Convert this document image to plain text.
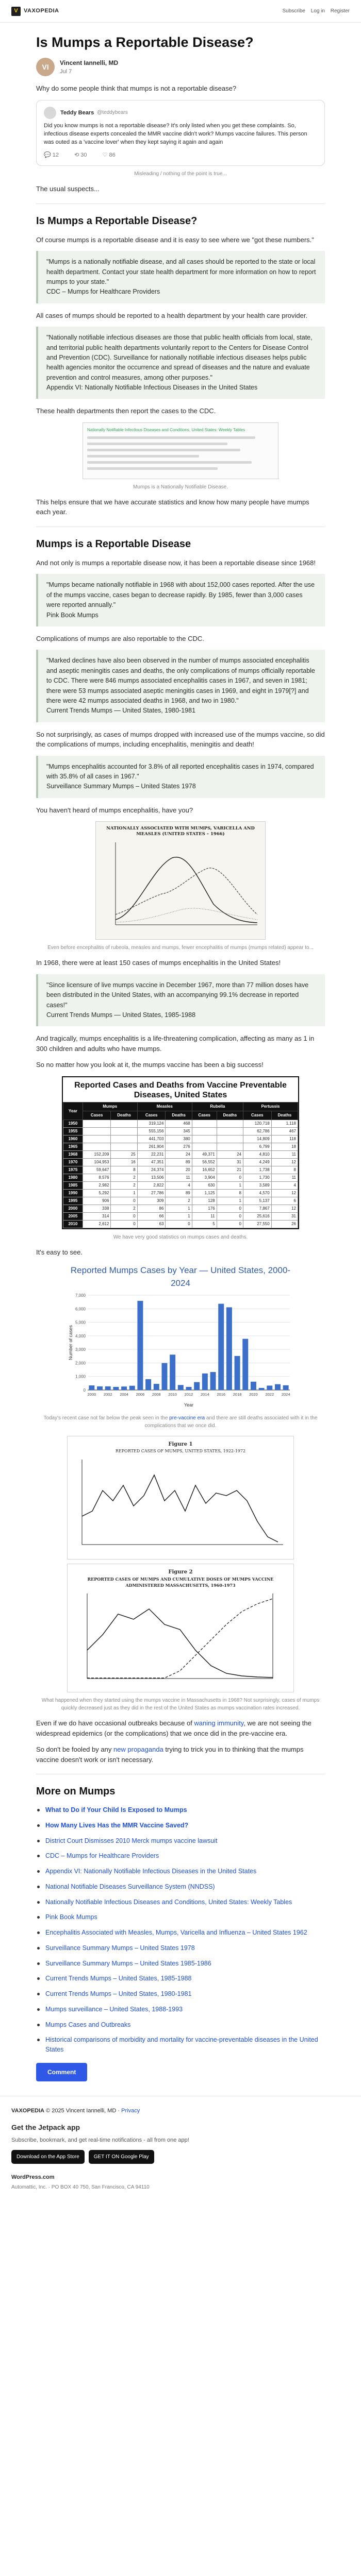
V	VAXOPEDIA	Subscribe Log in Register
Is Mumps a Reportable Disease?
VI	Vincent Iannelli, MD
Jul 7

Why do some people think that mumps is not a reportable disease?

Teddy Bears @teddybears
Did you know mumps is not a reportable disease? It's only listed when you get these complaints. So, infectious disease experts concealed the MMR vaccine didn't work? Mumps vaccine failures. This person was outed as a 'vaccine lover' when they kept saying it again and again
💬 12	⟲ 30	♡ 86
Misleading / nothing of the point is true...

The usual suspects...

Is Mumps a Reportable Disease?

Of course mumps is a reportable disease and it is easy to see where we "got these numbers."

"Mumps is a nationally notifiable disease, and all cases should be reported to the state or local health department. Contact your state health department for more information on how to report mumps to your state."
CDC – Mumps for Healthcare Providers

All cases of mumps should be reported to a health department by your health care provider.

"Nationally notifiable infectious diseases are those that public health officials from local, state, and territorial public health departments voluntarily report to the Centers for Disease Control and Prevention (CDC). Surveillance for nationally notifiable infectious diseases helps public health agencies monitor the occurrence and spread of diseases and the nature and evaluate prevention and control measures, among other purposes."
Appendix VI: Nationally Notifiable Infectious Diseases in the United States

These health departments then report the cases to the CDC.

Nationally Notifiable Infectious Diseases and Conditions, United States: Weekly Tables
Mumps is a Nationally Notifiable Disease.

This helps ensure that we have accurate statistics and know how many people have mumps each year.

Mumps is a Reportable Disease

And not only is mumps a reportable disease now, it has been a reportable disease since 1968!

"Mumps became nationally notifiable in 1968 with about 152,000 cases reported. After the use of the mumps vaccine, cases began to decrease rapidly. By 1985, fewer than 3,000 cases were reported annually."
Pink Book Mumps

Complications of mumps are also reportable to the CDC.

"Marked declines have also been observed in the number of mumps associated encephalitis and aseptic meningitis cases and deaths, the only complications of mumps officially reportable to CDC. There were 846 mumps associated encephalitis cases in 1967, and seven in 1981; there were 53 mumps associated aseptic meningitis cases in 1969, and eight in 1979[?] and there were 42 mumps associated deaths in 1968, and two in 1980."
Current Trends Mumps — United States, 1980-1981

So not surprisingly, as cases of mumps dropped with increased use of the mumps vaccine, so did the complications of mumps, including encephalitis, meningitis and death!

"Mumps encephalitis accounted for 3.8% of all reported encephalitis cases in 1974, compared with 35.8% of all cases in 1967."
Surveillance Summary Mumps – United States 1978

You haven't heard of mumps encephalitis, have you?

NATIONALLY ASSOCIATED WITH MUMPS, VARICELLA AND MEASLES (UNITED STATES – 1966)
Even before encephalitis of rubeola, measles and mumps, fewer encephalitis of mumps (mumps related) appear to...

In 1968, there were at least 150 cases of mumps encephalitis in the United States!

"Since licensure of live mumps vaccine in December 1967, more than 77 million doses have been distributed in the United States, with an accompanying 99.1% decrease in reported cases!"
Current Trends Mumps — United States, 1985-1988

And tragically, mumps encephalitis is a life-threatening complication, affecting as many as 1 in 300 children and adults who have mumps.

So no matter how you look at it, the mumps vaccine has been a big success!

Reported Cases and Deaths from Vaccine Preventable Diseases, United States
Year	Mumps		Measles		Rubella		Pertussis	
	Cases	Deaths	Cases	Deaths	Cases	Deaths	Cases	Deaths
1950			319,124	468			120,718	1,118
1955			555,156	345			62,786	467
1960			441,703	380			14,809	118
1965			261,904	276			6,799	18
1968	152,209	25	22,231	24	49,371	24	4,810	11
1970	104,953	16	47,351	89	56,552	31	4,249	12
1975	59,647	8	24,374	20	16,652	21	1,738	8
1980	8,576	2	13,506	11	3,904	0	1,730	11
1985	2,982	2	2,822	4	630	1	3,589	4
1990	5,292	1	27,786	89	1,125	8	4,570	12
1995	906	0	309	2	128	1	5,137	6
2000	338	2	86	1	176	0	7,867	12
2005	314	0	66	1	11	0	25,616	31
2010	2,612	0	63	0	5	0	27,550	26
We have very good statistics on mumps cases and deaths.

It's easy to see.

Reported Mumps Cases by Year — United States, 2000-2024
0
1,000
2,000
3,000
4,000
5,000
6,000
7,000
2000 2002 2004 2006 2008 2010 2012 2014 2016 2018 2020 2022 2024
Year
Number of cases
Today's recent case not far below the peak seen in the pre-vaccine era and there are still deaths associated with it in the complications that we once did.
Figure 1
REPORTED CASES OF MUMPS, UNITED STATES, 1922-1972
Figure 2
REPORTED CASES OF MUMPS AND CUMULATIVE DOSES OF MUMPS VACCINE ADMINISTERED MASSACHUSETTS, 1960-1973
What happened when they started using the mumps vaccine in Massachusetts in 1968? Not surprisingly, cases of mumps quickly decreased just as they did in the rest of the United States as mumps vaccination rates increased.

Even if we do have occasional outbreaks because of waning immunity, we are not seeing the widespread epidemics (or the complications) that we once did in the pre-vaccine era.

So don't be fooled by any new propaganda trying to trick you in to thinking that the mumps vaccine doesn't work or isn't necessary.

More on Mumps
What to Do if Your Child Is Exposed to Mumps
How Many Lives Has the MMR Vaccine Saved?
District Court Dismisses 2010 Merck mumps vaccine lawsuit
CDC – Mumps for Healthcare Providers
Appendix VI: Nationally Notifiable Infectious Diseases in the United States
National Notifiable Diseases Surveillance System (NNDSS)
Nationally Notifiable Infectious Diseases and Conditions, United States: Weekly Tables
Pink Book Mumps
Encephalitis Associated with Measles, Mumps, Varicella and Influenza – United States 1962
Surveillance Summary Mumps – United States 1978
Surveillance Summary Mumps – United States 1985-1986
Current Trends Mumps – United States, 1985-1988
Current Trends Mumps – United States, 1980-1981
Mumps surveillance – United States, 1988-1993
Mumps Cases and Outbreaks
Historical comparisons of morbidity and mortality for vaccine-preventable diseases in the United States
Comment
VAXOPEDIA © 2025 Vincent Iannelli, MD · Privacy
Get the Jetpack app
Subscribe, bookmark, and get real-time notifications - all from one app!
Download on the App Store	GET IT ON Google Play
WordPress.com
Automattic, Inc. · PO BOX 40 750, San Francisco, CA 94110
